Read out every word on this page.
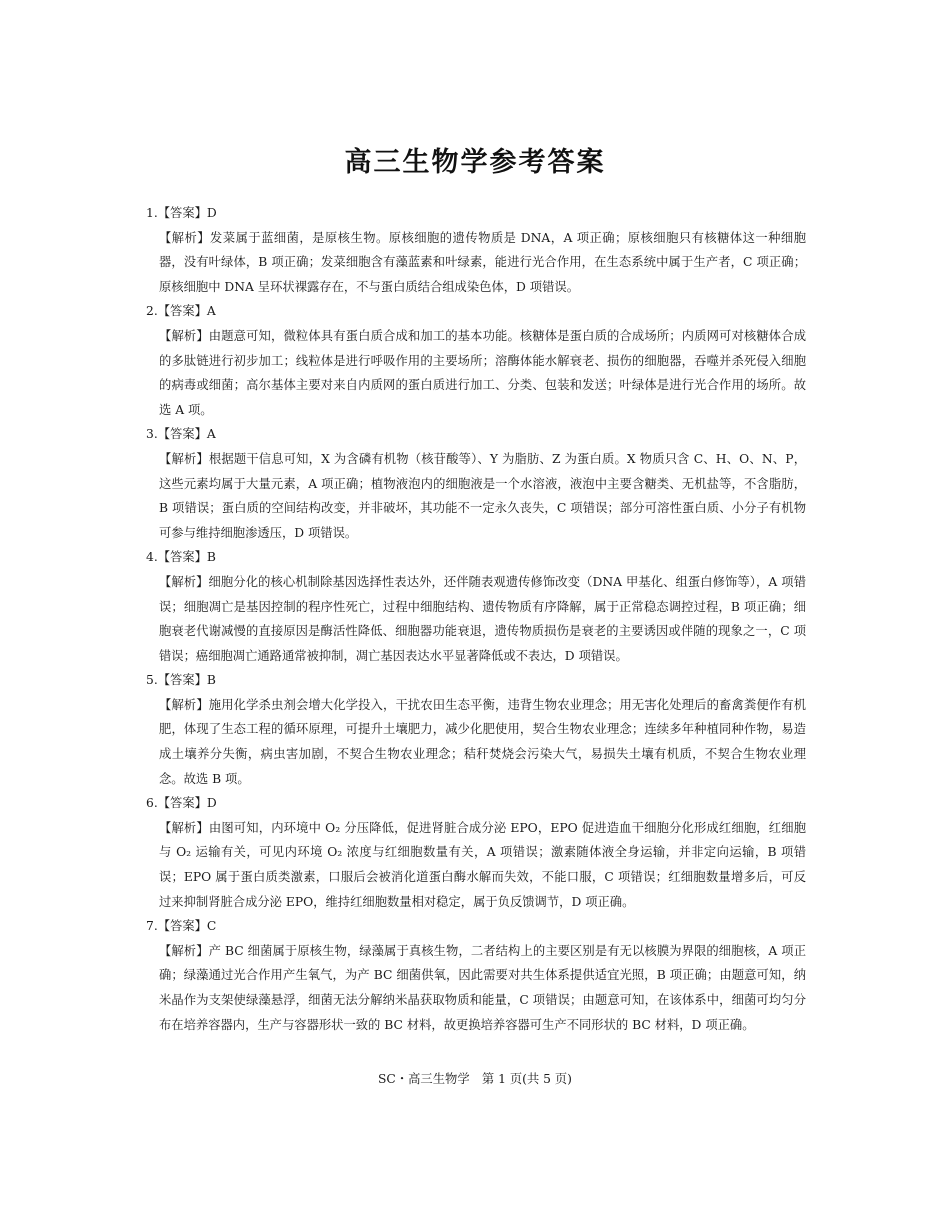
高三生物学参考答案

1.【答案】D

【解析】发菜属于蓝细菌，是原核生物。原核细胞的遗传物质是 DNA，A 项正确；原核细胞只有核糖体这一种细胞器，没有叶绿体，B 项正确；发菜细胞含有藻蓝素和叶绿素，能进行光合作用，在生态系统中属于生产者，C 项正确；原核细胞中 DNA 呈环状裸露存在，不与蛋白质结合组成染色体，D 项错误。

2.【答案】A

【解析】由题意可知，微粒体具有蛋白质合成和加工的基本功能。核糖体是蛋白质的合成场所；内质网可对核糖体合成的多肽链进行初步加工；线粒体是进行呼吸作用的主要场所；溶酶体能水解衰老、损伤的细胞器，吞噬并杀死侵入细胞的病毒或细菌；高尔基体主要对来自内质网的蛋白质进行加工、分类、包装和发送；叶绿体是进行光合作用的场所。故选 A 项。

3.【答案】A

【解析】根据题干信息可知，X 为含磷有机物（核苷酸等）、Y 为脂肪、Z 为蛋白质。X 物质只含 C、H、O、N、P，这些元素均属于大量元素，A 项正确；植物液泡内的细胞液是一个水溶液，液泡中主要含糖类、无机盐等，不含脂肪，B 项错误；蛋白质的空间结构改变，并非破坏，其功能不一定永久丧失，C 项错误；部分可溶性蛋白质、小分子有机物可参与维持细胞渗透压，D 项错误。

4.【答案】B

【解析】细胞分化的核心机制除基因选择性表达外，还伴随表观遗传修饰改变（DNA 甲基化、组蛋白修饰等），A 项错误；细胞凋亡是基因控制的程序性死亡，过程中细胞结构、遗传物质有序降解，属于正常稳态调控过程，B 项正确；细胞衰老代谢减慢的直接原因是酶活性降低、细胞器功能衰退，遗传物质损伤是衰老的主要诱因或伴随的现象之一，C 项错误；癌细胞凋亡通路通常被抑制，凋亡基因表达水平显著降低或不表达，D 项错误。

5.【答案】B

【解析】施用化学杀虫剂会增大化学投入，干扰农田生态平衡，违背生物农业理念；用无害化处理后的畜禽粪便作有机肥，体现了生态工程的循环原理，可提升土壤肥力，减少化肥使用，契合生物农业理念；连续多年种植同种作物，易造成土壤养分失衡，病虫害加剧，不契合生物农业理念；秸秆焚烧会污染大气，易损失土壤有机质，不契合生物农业理念。故选 B 项。

6.【答案】D

【解析】由图可知，内环境中 O₂ 分压降低，促进肾脏合成分泌 EPO，EPO 促进造血干细胞分化形成红细胞，红细胞与 O₂ 运输有关，可见内环境 O₂ 浓度与红细胞数量有关，A 项错误；激素随体液全身运输，并非定向运输，B 项错误；EPO 属于蛋白质类激素，口服后会被消化道蛋白酶水解而失效，不能口服，C 项错误；红细胞数量增多后，可反过来抑制肾脏合成分泌 EPO，维持红细胞数量相对稳定，属于负反馈调节，D 项正确。

7.【答案】C

【解析】产 BC 细菌属于原核生物，绿藻属于真核生物，二者结构上的主要区别是有无以核膜为界限的细胞核，A 项正确；绿藻通过光合作用产生氧气，为产 BC 细菌供氧，因此需要对共生体系提供适宜光照，B 项正确；由题意可知，纳米晶作为支架使绿藻悬浮，细菌无法分解纳米晶获取物质和能量，C 项错误；由题意可知，在该体系中，细菌可均匀分布在培养容器内，生产与容器形状一致的 BC 材料，故更换培养容器可生产不同形状的 BC 材料，D 项正确。

SC・高三生物学　第 1 页(共 5 页)
